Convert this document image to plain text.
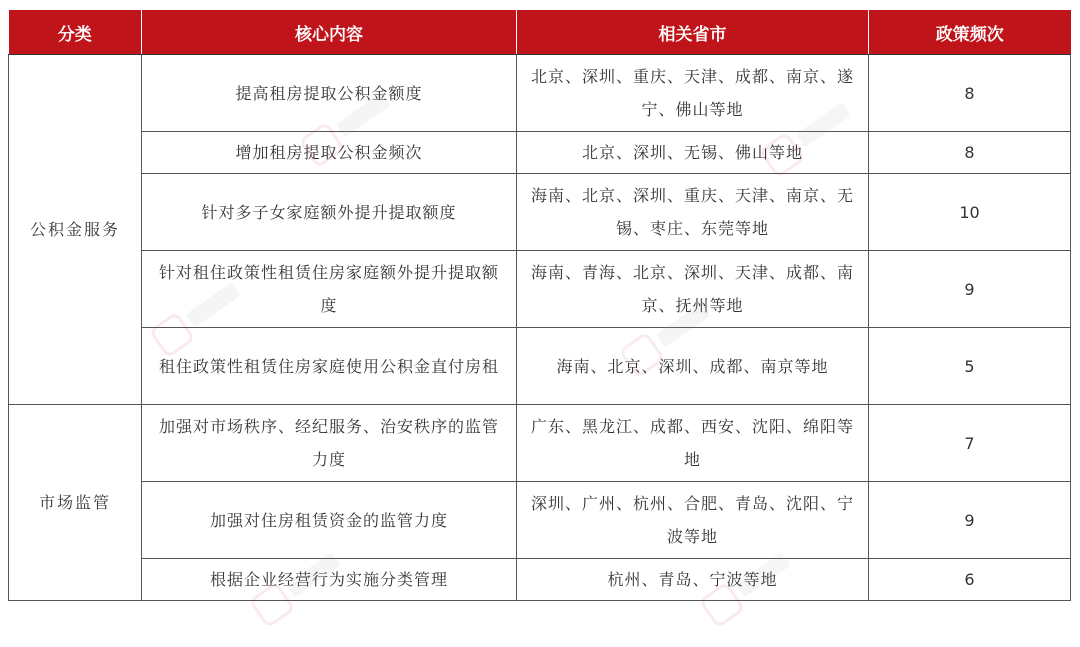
分类	核心内容	相关省市	政策频次
公积金服务	提高租房提取公积金额度	北京、深圳、重庆、天津、成都、南京、遂宁、佛山等地	8
	增加租房提取公积金频次	北京、深圳、无锡、佛山等地	8
	针对多子女家庭额外提升提取额度	海南、北京、深圳、重庆、天津、南京、无锡、枣庄、东莞等地	10
	针对租住政策性租赁住房家庭额外提升提取额度	海南、青海、北京、深圳、天津、成都、南京、抚州等地	9
	租住政策性租赁住房家庭使用公积金直付房租	海南、北京、深圳、成都、南京等地	5
市场监管	加强对市场秩序、经纪服务、治安秩序的监管力度	广东、黑龙江、成都、西安、沈阳、绵阳等地	7
	加强对住房租赁资金的监管力度	深圳、广州、杭州、合肥、青岛、沈阳、宁波等地	9
	根据企业经营行为实施分类管理	杭州、青岛、宁波等地	6
